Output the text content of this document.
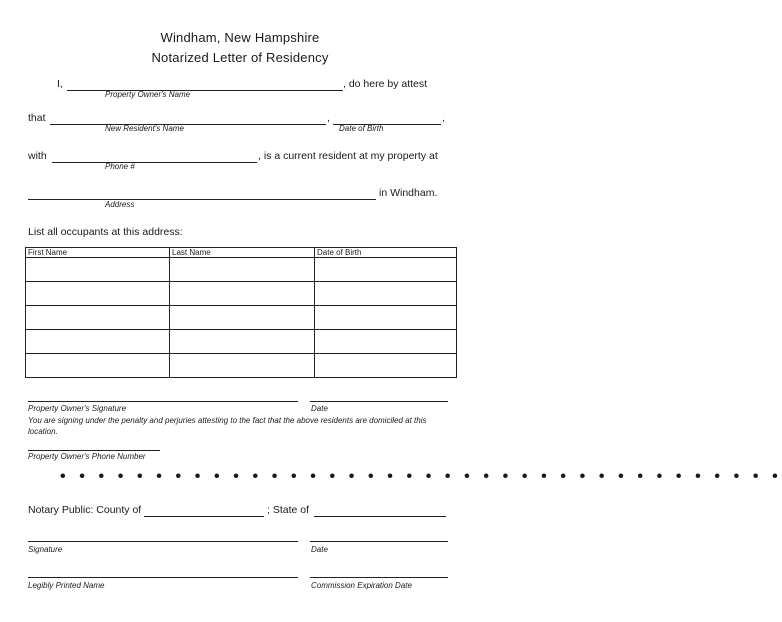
Windham, New Hampshire
Notarized Letter of Residency
I,	, do here by attest
Property Owner's Name
that	,	,
New Resident's Name	Date of Birth
with	, is a current resident at my property at
Phone #
in Windham.
Address
List all occupants at this address:
First Name	Last Name	Date of Birth

Property Owner's Signature	Date
You are signing under the penalty and perjuries attesting to the fact that the above residents are domiciled at this location.
Property Owner's Phone Number
• • • • • • • • • • • • • • • • • • • • • • • • • • • • • • • • • • • • • •
Notary Public: County of	; State of
Signature	Date
Legibly Printed Name	Commission Expiration Date
